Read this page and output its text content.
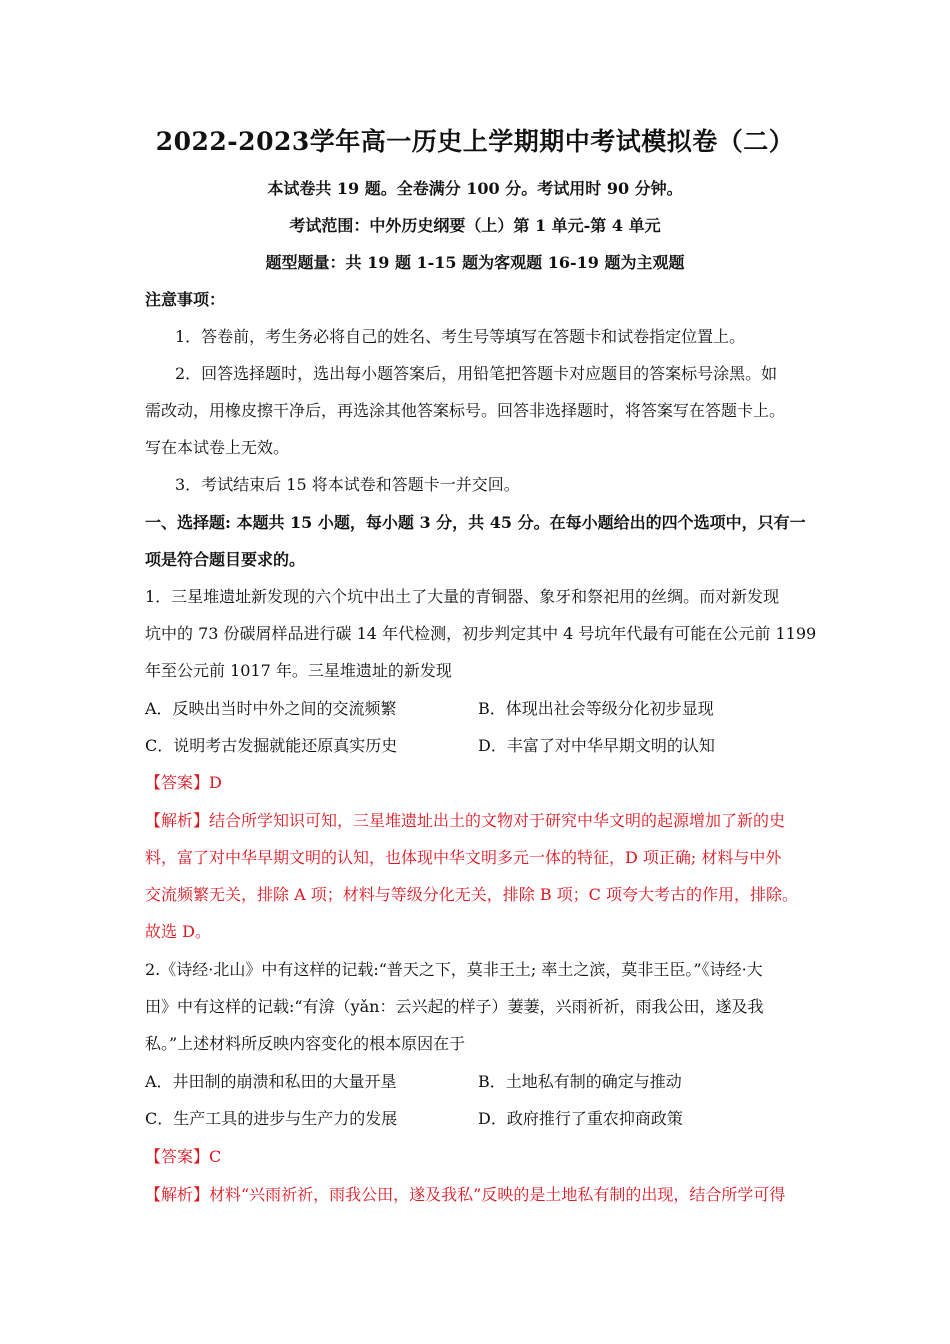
2022-2023学年高一历史上学期期中考试模拟卷（二）
本试卷共 19 题。全卷满分 100 分。考试用时 90 分钟。
考试范围：中外历史纲要（上）第 1 单元-第 4 单元
题型题量：共 19 题 1-15 题为客观题 16-19 题为主观题
注意事项：
1．答卷前，考生务必将自己的姓名、考生号等填写在答题卡和试卷指定位置上。
2．回答选择题时，选出每小题答案后，用铅笔把答题卡对应题目的答案标号涂黑。如
需改动，用橡皮擦干净后，再选涂其他答案标号。回答非选择题时，将答案写在答题卡上。
写在本试卷上无效。
3．考试结束后 15 将本试卷和答题卡一并交回。
一、选择题: 本题共 15 小题，每小题 3 分，共 45 分。在每小题给出的四个选项中，只有一
项是符合题目要求的。
1．三星堆遗址新发现的六个坑中出土了大量的青铜器、象牙和祭祀用的丝绸。而对新发现
坑中的 73 份碳屑样品进行碳 14 年代检测，初步判定其中 4 号坑年代最有可能在公元前 1199
年至公元前 1017 年。三星堆遗址的新发现
A．反映出当时中外之间的交流频繁	B．体现出社会等级分化初步显现
C．说明考古发掘就能还原真实历史	D．丰富了对中华早期文明的认知
【答案】D
【解析】结合所学知识可知，三星堆遗址出土的文物对于研究中华文明的起源增加了新的史
料，富了对中华早期文明的认知，也体现中华文明多元一体的特征，D 项正确; 材料与中外
交流频繁无关，排除 A 项；材料与等级分化无关，排除 B 项；C 项夸大考古的作用，排除。
故选 D。
2.《诗经·北山》中有这样的记载:“普天之下，莫非王土; 率土之滨，莫非王臣。”《诗经·大
田》中有这样的记载:“有渰（yǎn：云兴起的样子）萋萋，兴雨祈祈，雨我公田，遂及我
私。”上述材料所反映内容变化的根本原因在于
A．井田制的崩溃和私田的大量开垦	B．土地私有制的确定与推动
C．生产工具的进步与生产力的发展	D．政府推行了重农抑商政策
【答案】C
【解析】材料“兴雨祈祈，雨我公田，遂及我私”反映的是土地私有制的出现，结合所学可得
